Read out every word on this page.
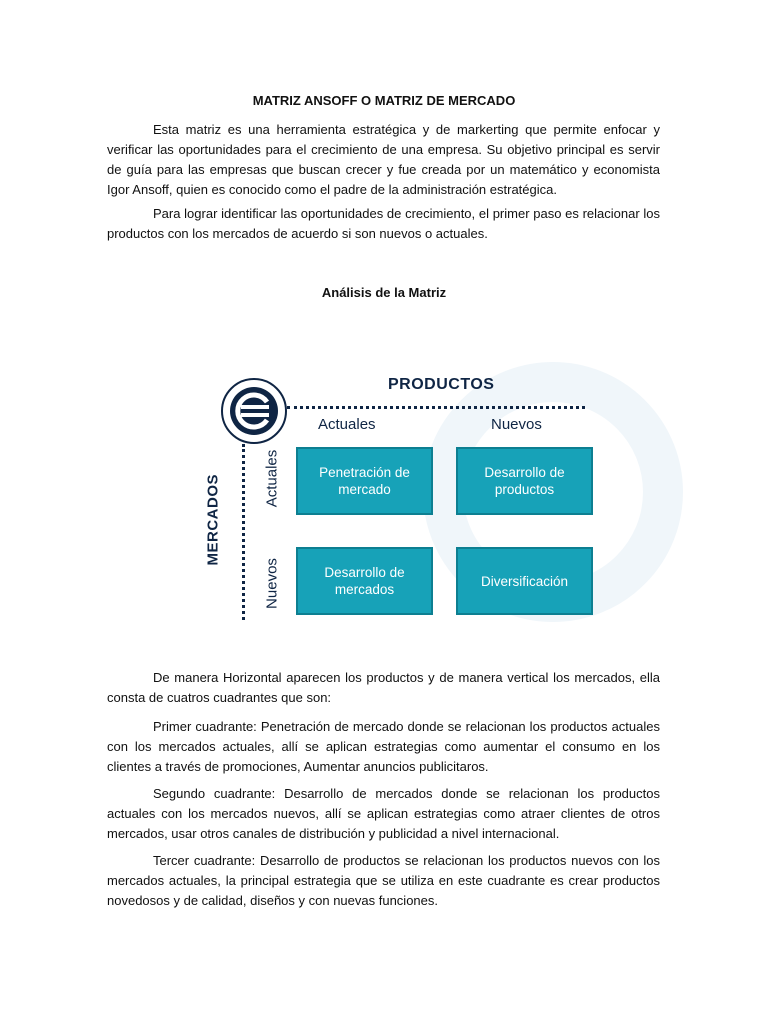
MATRIZ ANSOFF O MATRIZ DE MERCADO
Esta matriz es una herramienta estratégica y de markerting que permite enfocar y verificar las oportunidades para el crecimiento de una empresa. Su objetivo principal es servir de guía para las empresas que buscan crecer y fue creada por un matemático y economista Igor Ansoff, quien es conocido como el padre de la administración estratégica.
Para lograr identificar las oportunidades de crecimiento, el primer paso es relacionar los productos con los mercados de acuerdo si son nuevos o actuales.
Análisis de la Matriz
PRODUCTOS
Actuales	Nuevos
Actuales
Nuevos
MERCADOS
Penetración de mercado
Desarrollo de productos
Desarrollo de mercados
Diversificación
De manera Horizontal aparecen los productos y de manera vertical los mercados, ella consta de cuatros cuadrantes que son:
Primer cuadrante: Penetración de mercado donde se relacionan los productos actuales con los mercados actuales, allí se aplican estrategias como aumentar el consumo en los clientes a través de promociones, Aumentar anuncios publicitaros.
Segundo cuadrante: Desarrollo de mercados donde se relacionan los productos actuales con los mercados nuevos, allí se aplican estrategias como atraer clientes de otros mercados, usar otros canales de distribución y publicidad a nivel internacional.
Tercer cuadrante: Desarrollo de productos se relacionan los productos nuevos con los mercados actuales, la principal estrategia que se utiliza en este cuadrante es crear productos novedosos y de calidad, diseños y con nuevas funciones.
